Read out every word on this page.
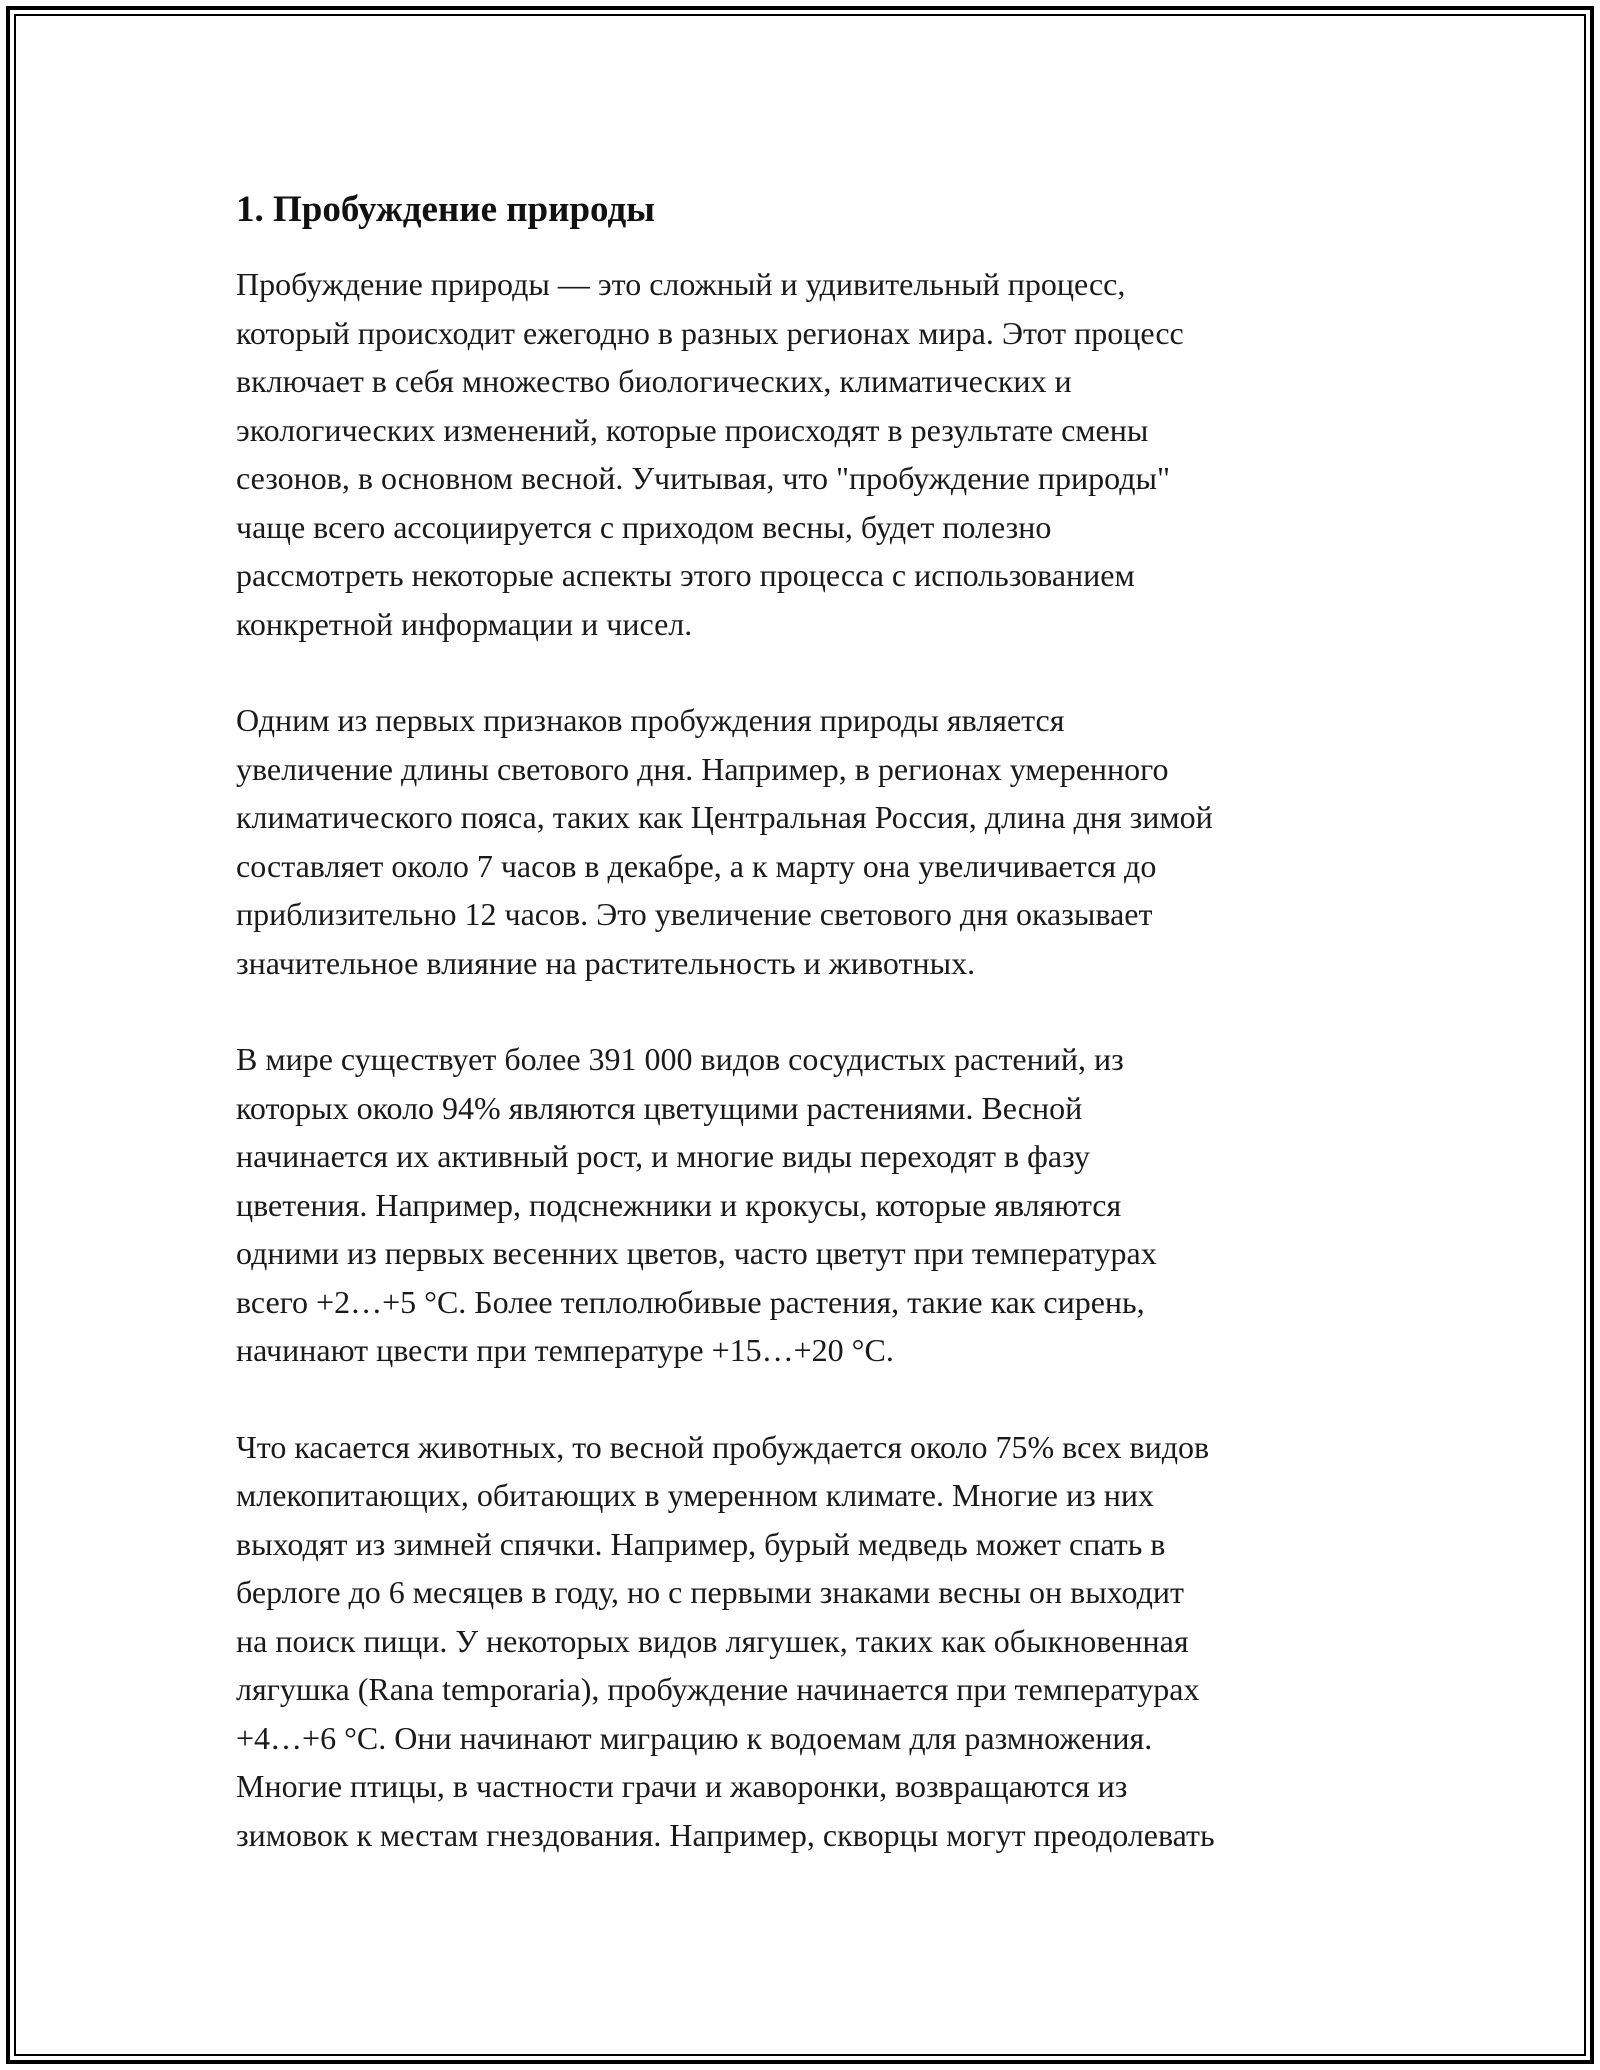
1. Пробуждение природы

Пробуждение природы — это сложный и удивительный процесс,
который происходит ежегодно в разных регионах мира. Этот процесс
включает в себя множество биологических, климатических и
экологических изменений, которые происходят в результате смены
сезонов, в основном весной. Учитывая, что "пробуждение природы"
чаще всего ассоциируется с приходом весны, будет полезно
рассмотреть некоторые аспекты этого процесса с использованием
конкретной информации и чисел.

Одним из первых признаков пробуждения природы является
увеличение длины светового дня. Например, в регионах умеренного
климатического пояса, таких как Центральная Россия, длина дня зимой
составляет около 7 часов в декабре, а к марту она увеличивается до
приблизительно 12 часов. Это увеличение светового дня оказывает
значительное влияние на растительность и животных.

В мире существует более 391 000 видов сосудистых растений, из
которых около 94% являются цветущими растениями. Весной
начинается их активный рост, и многие виды переходят в фазу
цветения. Например, подснежники и крокусы, которые являются
одними из первых весенних цветов, часто цветут при температурах
всего +2…+5 °C. Более теплолюбивые растения, такие как сирень,
начинают цвести при температуре +15…+20 °C.

Что касается животных, то весной пробуждается около 75% всех видов
млекопитающих, обитающих в умеренном климате. Многие из них
выходят из зимней спячки. Например, бурый медведь может спать в
берлоге до 6 месяцев в году, но с первыми знаками весны он выходит
на поиск пищи. У некоторых видов лягушек, таких как обыкновенная
лягушка (Rana temporaria), пробуждение начинается при температурах
+4…+6 °C. Они начинают миграцию к водоемам для размножения.
Многие птицы, в частности грачи и жаворонки, возвращаются из
зимовок к местам гнездования. Например, скворцы могут преодолевать
